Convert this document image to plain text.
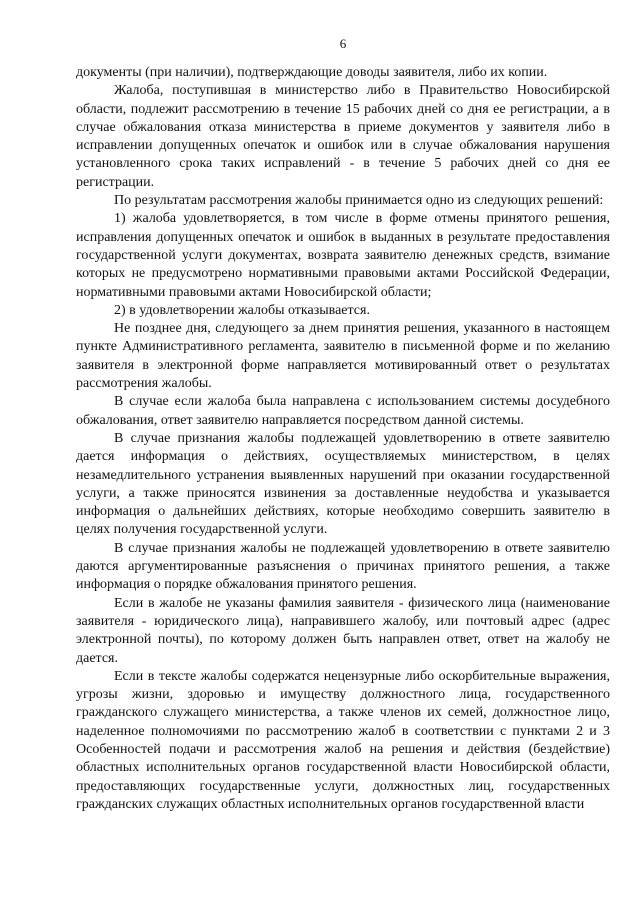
6

документы (при наличии), подтверждающие доводы заявителя, либо их копии.

Жалоба, поступившая в министерство либо в Правительство Новосибирской области, подлежит рассмотрению в течение 15 рабочих дней со дня ее регистрации, а в случае обжалования отказа министерства в приеме документов у заявителя либо в исправлении допущенных опечаток и ошибок или в случае обжалования нарушения установленного срока таких исправлений - в течение 5 рабочих дней со дня ее регистрации.

По результатам рассмотрения жалобы принимается одно из следующих решений:

1) жалоба удовлетворяется, в том числе в форме отмены принятого решения, исправления допущенных опечаток и ошибок в выданных в результате предоставления государственной услуги документах, возврата заявителю денежных средств, взимание которых не предусмотрено нормативными правовыми актами Российской Федерации, нормативными правовыми актами Новосибирской области;

2) в удовлетворении жалобы отказывается.

Не позднее дня, следующего за днем принятия решения, указанного в настоящем пункте Административного регламента, заявителю в письменной форме и по желанию заявителя в электронной форме направляется мотивированный ответ о результатах рассмотрения жалобы.

В случае если жалоба была направлена с использованием системы досудебного обжалования, ответ заявителю направляется посредством данной системы.

В случае признания жалобы подлежащей удовлетворению в ответе заявителю дается информация о действиях, осуществляемых министерством, в целях незамедлительного устранения выявленных нарушений при оказании государственной услуги, а также приносятся извинения за доставленные неудобства и указывается информация о дальнейших действиях, которые необходимо совершить заявителю в целях получения государственной услуги.

В случае признания жалобы не подлежащей удовлетворению в ответе заявителю даются аргументированные разъяснения о причинах принятого решения, а также информация о порядке обжалования принятого решения.

Если в жалобе не указаны фамилия заявителя - физического лица (наименование заявителя - юридического лица), направившего жалобу, или почтовый адрес (адрес электронной почты), по которому должен быть направлен ответ, ответ на жалобу не дается.

Если в тексте жалобы содержатся нецензурные либо оскорбительные выражения, угрозы жизни, здоровью и имуществу должностного лица, государственного гражданского служащего министерства, а также членов их семей, должностное лицо, наделенное полномочиями по рассмотрению жалоб в соответствии с пунктами 2 и 3 Особенностей подачи и рассмотрения жалоб на решения и действия (бездействие) областных исполнительных органов государственной власти Новосибирской области, предоставляющих государственные услуги, должностных лиц, государственных гражданских служащих областных исполнительных органов государственной власти
